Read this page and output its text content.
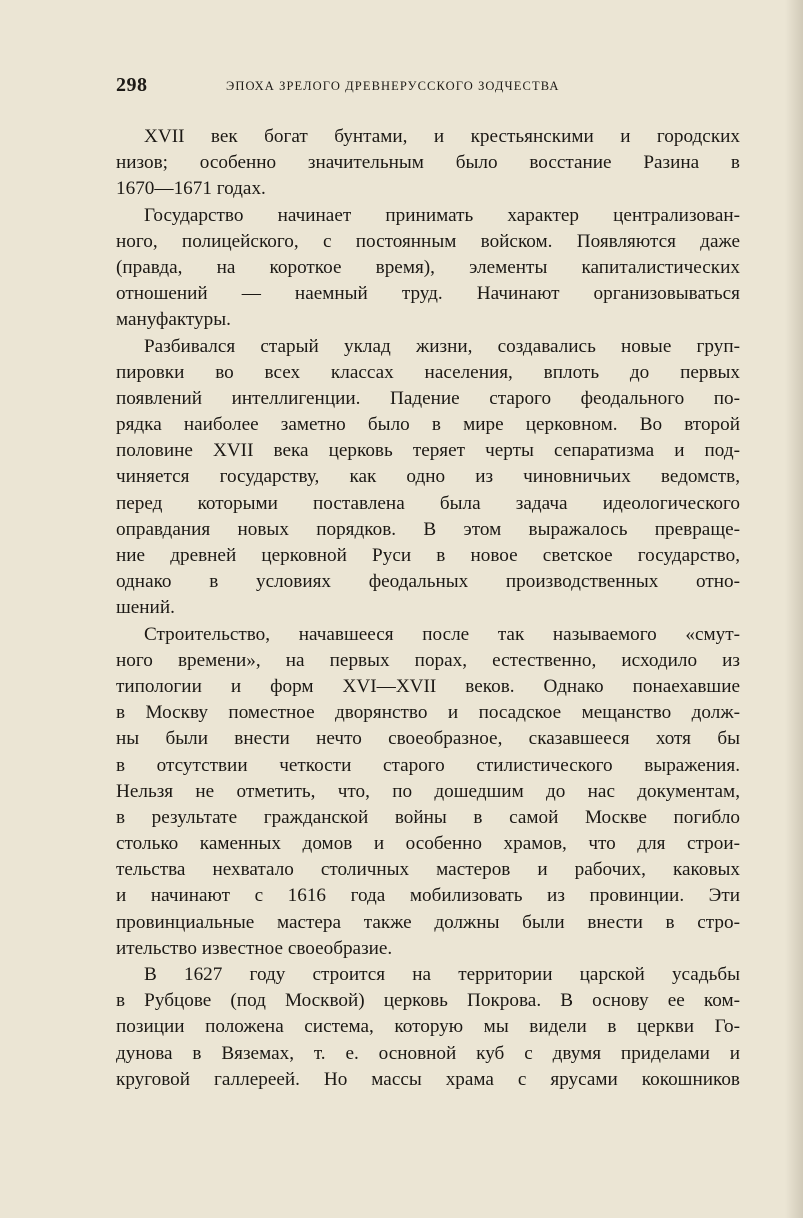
298	ЭПОХА ЗРЕЛОГО ДРЕВНЕРУССКОГО ЗОДЧЕСТВА
XVII век богат бунтами, и крестьянскими и городских
низов; особенно значительным было восстание Разина в
1670—1671 годах.
Государство начинает принимать характер централизован-
ного, полицейского, с постоянным войском. Появляются даже
(правда, на короткое время), элементы капиталистических
отношений — наемный труд. Начинают организовываться
мануфактуры.
Разбивался старый уклад жизни, создавались новые груп-
пировки во всех классах населения, вплоть до первых
появлений интеллигенции. Падение старого феодального по-
рядка наиболее заметно было в мире церковном. Во второй
половине XVII века церковь теряет черты сепаратизма и под-
чиняется государству, как одно из чиновничьих ведомств,
перед которыми поставлена была задача идеологического
оправдания новых порядков. В этом выражалось превраще-
ние древней церковной Руси в новое светское государство,
однако в условиях феодальных производственных отно-
шений.
Строительство, начавшееся после так называемого «смут-
ного времени», на первых порах, естественно, исходило из
типологии и форм XVI—XVII веков. Однако понаехавшие
в Москву поместное дворянство и посадское мещанство долж-
ны были внести нечто своеобразное, сказавшееся хотя бы
в отсутствии четкости старого стилистического выражения.
Нельзя не отметить, что, по дошедшим до нас документам,
в результате гражданской войны в самой Москве погибло
столько каменных домов и особенно храмов, что для строи-
тельства нехватало столичных мастеров и рабочих, каковых
и начинают с 1616 года мобилизовать из провинции. Эти
провинциальные мастера также должны были внести в стро-
ительство известное своеобразие.
В 1627 году строится на территории царской усадьбы
в Рубцове (под Москвой) церковь Покрова. В основу ее ком-
позиции положена система, которую мы видели в церкви Го-
дунова в Вяземах, т. е. основной куб с двумя приделами и
круговой галлереей. Но массы храма с ярусами кокошников
